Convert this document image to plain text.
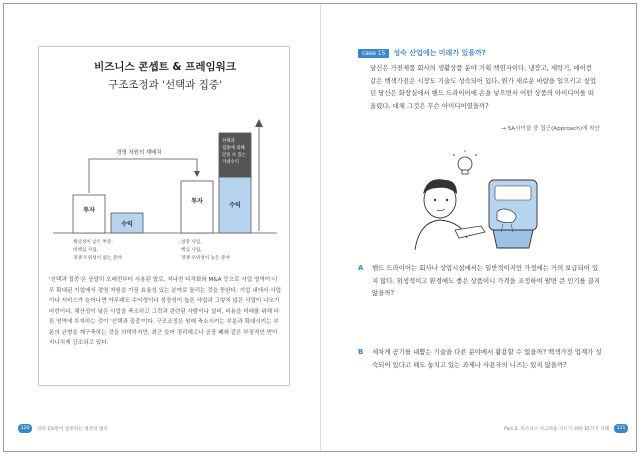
비즈니스 콘셉트 & 프레임워크
구조조정과 '선택과 집중'
투자
수익
경영 자원의 재배치
투자
수익
선택과 집중에 의해 얻을 수 있는 기대수익
채산성이 낮은 부문, 비핵심 사업, 경쟁 우위성이 없는 분야
성장 사업, 핵심 사업, 경쟁 우위성이 높은 분야
'선택과 집중'은 상당히 오래전부터 사용된 말로, 지나친 다각화와 M&A 등으로 사업 영역이 너무 확대된 기업에서 경영 자원을 가장 효율성 있는 분야로 돌리는 것을 뜻한다. 기업 내에서 사업이나 서비스가 늘어나면 아무래도 수익성이나 성장성이 높은 사업과 그렇지 않은 사업이 나오기 마련이다. 채산성이 낮은 사업을 축소하고 그것과 관련된 사람이나 설비, 비용을 미래를 위해 다른 영역에 투자하는 것이 '선택과 집중'이다. 구조조정은 원래 축소시키는 부분과 확대시키는 부분의 균형을 재구축하는 것을 의미하지만, 최근 들어 정리해고나 공장 폐쇄 같은 부정적인 면이 지나치게 강조되고 있다.
case 15	성숙 산업에는 미래가 있을까?
당신은 가전제품 회사의 생활상품 분야 기획 책임자이다. 냉장고, 세탁기, 에어컨 같은 백색가전은 시장도 기술도 성숙되어 있다. 뭔가 새로운 바람을 일으키고 싶었던 당신은 화장실에서 핸드 드라이어에 손을 넣으면서 어떤 상품의 아이디어를 떠올렸다. 대체 그것은 무슨 아이디어였을까?
→ 5A사이클 중 접근(Approach)에 착안
A	핸드 드라이어는 회사나 상업시설에서는 일반적이지만 가정에는 거의 보급되어 있지 않다. 위생적이고 환경에도 좋은 상품이니 가격을 조정하여 팔면 큰 인기를 끌지 않을까?
B	세차게 공기를 내뿜는 기술을 다른 분야에서 활용할 수 없을까? 백색가전 업계가 성숙되어 있다고 해도 놓치고 있는 과제나 사용자의 니즈는 있지 않을까?
120	상위 1%만이 실천하는 생각의 법칙	Part 2. 비즈니스 사고력을 기르기 위한 15가지 사례	121
